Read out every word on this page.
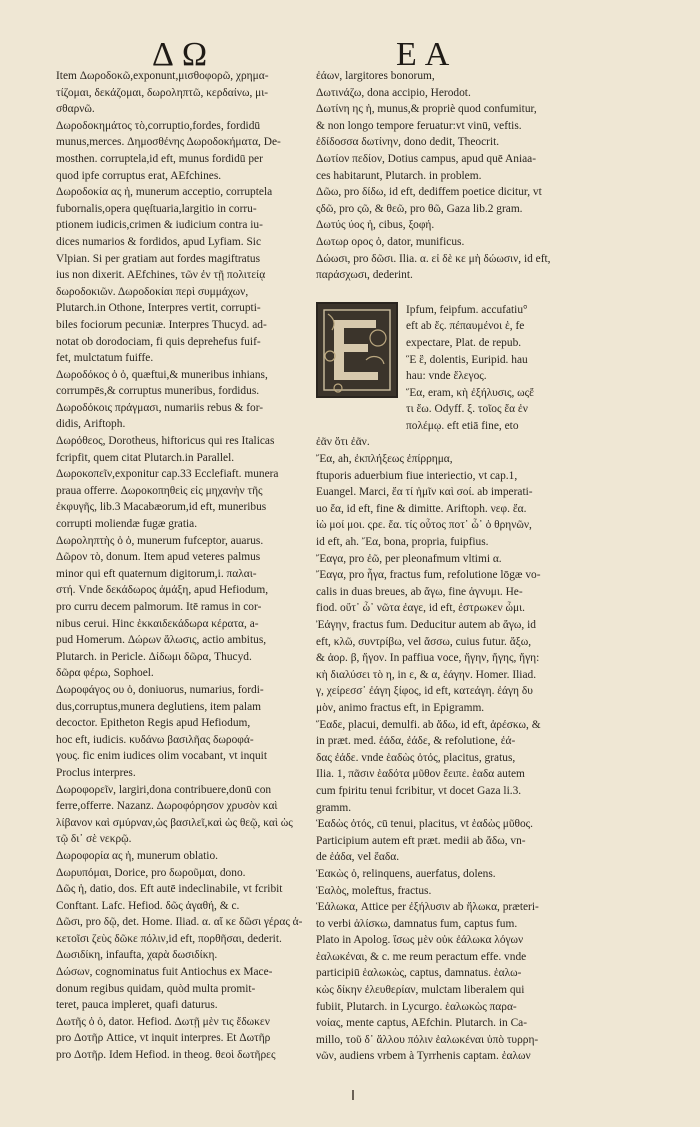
ΔΩ	EA
Item Δωροδοκῶ,exponunt,μισθοφορῶ, χρημα-
τίζομαι, δεκάζομαι, δωροληπτῶ, κερδαίνω, μι-
σθαρνῶ.
Δωροδοκημάτος τὸ,corruptio,fordes, fordidū
munus,merces. Δημοσθένης Δωροδοκήματα, De-
mosthen. corruptela,id eft, munus fordidū per
quod ipfe corruptus erat, AEfchines.
Δωροδοκία ας ἡ, munerum acceptio, corruptela
fubornalis,opera quęſtuaria,largitio in corru-
ptionem iudicis,crimen & iudicium contra iu-
dices numarios & fordidos, apud Lyfiam. Sic
Vlpian. Si per gratiam aut fordes magiftratus
ius non dixerit. AEfchines, τῶν ἐν τῇ πολιτείᾳ
δωροδοκιῶν. Δωροδοκίαι περὶ συμμάχων,
Plutarch.in Othone, Interpres vertit, corrupti-
biles fociorum pecuniæ. Interpres Thucyd. ad-
notat ob dorodociam, fi quis deprehefus fuif-
fet, mulctatum fuiffe.
Δωροδόκος ὁ ὁ, quæftui,& muneribus inhians,
corrumpēs,& corruptus muneribus, fordidus.
Δωροδόκοις πράγμασι, numariis rebus & for-
didis, Ariftoph.
Δωρόθεος, Dorotheus, hiftoricus qui res Italicas
fcripfit, quem citat Plutarch.in Parallel.
Δωροκοπεῖν,exponitur cap.33 Ecclefiaft. munera
praua offerre. Δωροκοπηθεὶς εἰς μηχανὴν τῆς
ἐκφυγῆς, lib.3 Macabæorum,id eft, muneribus
corrupti moliendæ fugæ gratia.
Δωροληπτὴς ὁ ὁ, munerum fufceptor, auarus.
Δῶρον τὸ, donum. Item apud veteres palmus
minor qui eft quaternum digitorum,i. παλαι-
στή. Vnde δεκάδωρος ἀμάξη, apud Hefiodum,
pro curru decem palmorum. Itē ramus in cor-
nibus cerui. Hinc ἑκκαιδεκάδωρα κέρατα, a-
pud Homerum. Δώρων ἅλωσις, actio ambitus,
Plutarch. in Pericle. Δίδωμι δῶρα, Thucyd.
δῶρα φέρω, Sophoel.
Δωροφάγος ου ὁ, doniuorus, numarius, fordi-
dus,corruptus,munera deglutiens, item palam
decoctor. Epitheton Regis apud Hefiodum,
hoc eft, iudicis. κυδάνω βασιλῆας δωροφά-
γους. fic enim iudices olim vocabant, vt inquit
Proclus interpres.
Δωροφορεῖν, largiri,dona contribuere,donū con
ferre,offerre. Nazanz. Δωροφόρησον χρυσὸν καὶ
λίβανον καὶ σμύρναν,ὡς βασιλεῖ,καὶ ὡς θεῷ, καὶ ὡς
τῷ δι᾽ σὲ νεκρῷ.
Δωροφορία ας ἡ, munerum oblatio.
Δωρυπόμαι, Dorice, pro δωροῦμαι, dono.
Δῶς ἡ, datio, dos. Eft autē indeclinabile, vt fcribit
Conftant. Lafc. Hefiod. δῶς ἀγαθή, & c.
Δῶσι, pro δῷ, det. Home. Iliad. α. αἴ κε δῶσι γέρας ἀ-
κετοῖσι ζεὺς δῶκε πόλιν,id eft, πορθῆσαι, dederit.
Δωσιδίκη, infaufta, χαρὰ δωσιδίκη.
Δώσων, cognominatus fuit Antiochus ex Mace-
donum regibus quidam, quòd multa promit-
teret, pauca impleret, quafi daturus.
Δωτῆς ὁ ὁ, dator. Hefiod. Δωτῇ μὲν τις ἔδωκεν
pro Δοτῆρ Attice, vt inquit interpres. Et Δωτῆρ
pro Δοτῆρ. Idem Hefiod. in theog. θεοὶ δωτῆρες
ἐάων, largitores bonorum,
Δωτινάζω, dona accipio, Herodot.
Δωτίνη ης ἡ, munus,& propriè quod confumitur,
& non longo tempore feruatur:vt vinū, veftis.
ἐδίδοσσα δωτίνην, dono dedit, Theocrit.
Δωτίον πεδίον, Dotius campus, apud quē Aniaa-
ces habitarunt, Plutarch. in problem.
Δῶω, pro δίδω, id eft, dediffem poetice dicitur, vt
ςδῶ, pro ςῶ, & θεῶ, pro θῶ, Gaza lib.2 gram.
Δωτύς ύος ἡ, cibus, ξοφή.
Δωτωρ ορος ὁ, dator, munificus.
Δώωσι, pro δῶσι. Ilia. α. εἰ δὲ κε μὴ δώωσιν, id eft,
παράσχωσι, dederint.
Ipfum, feipfum. accufatiu°
eft ab ἕς. πέπαυμένοι ἑ, fe
expectare, Plat. de repub.
Ἓ ἓ, dolentis, Euripid. hau
hau: vnde ἔλεγος.
Ἕα, eram, κὴ ἐξήλυσις, ωςἔ
τι ἕω. Odyff. ξ. τοῖος ἔα ἐν
πολέμῳ. eft etiā fine, eto
ἐᾶν ὅτι ἐᾶν.
Ἔα, ah, ἐκπλήξεως ἐπίρρημα,
ftuporis aduerbium fiue interiectio, vt cap.1,
Euangel. Marci, ἔα τί ἡμῖν καὶ σοί. ab imperati-
uo ἔα, id eft, fine & dimitte. Ariftoph. νεφ. ἔα.
ἰὼ μοί μοι. ςρε. ἔα. τίς οὗτος ποτ᾽ ὧ᾽ ὁ θρηνῶν,
id eft, ah. Ἔα, bona, propria, fuipfius.
Ἔαγα, pro ἐῶ, per pleonafmum vltimi α.
Ἔαγα, pro ἦγα, fractus fum, refolutione lōgæ vo-
calis in duas breues, ab ἄγω, fine ἀγνυμι. He-
fiod. οὔτ᾽ ὧ᾽ νῶτα ἐαγε, id eft, ἐστρωκεν ὦμι.
Ἐάγην, fractus fum. Deducitur autem ab ἄγω, id
eft, κλῶ, συντρίβω, vel ἄσσω, cuius futur. ἄξω,
& ἀορ. β, ἤγον. In paffiua voce, ἤγην, ἤγης, ἤγη:
κὴ διαλύσει τὸ η, in ε, & α, ἐάγην. Homer. Iliad.
γ, χείρεσσ᾽ ἐάγη ξίφος, id eft, κατεάγη. ἐάγη δυ
μὸν, animo fractus eft, in Epigramm.
Ἕαδε, placui, demulfi. ab ἄδω, id eft, ἀρέσκω, &
in præt. med. ἐάδα, ἐάδε, & refolutione, ἐά-
δας ἐάδε. vnde ἑαδὼς ὀτός, placitus, gratus,
Ilia. 1, πᾶσιν ἑαδότα μῦθον ἔειπε. ἑαδα autem
cum fpiritu tenui fcribitur, vt docet Gaza li.3.
gramm.
Ἑαδὼς ὀτός, cū tenui, placitus, vt ἑαδὼς μῦθος.
Participium autem eft præt. medii ab ἄδω, vn-
de ἑάδα, vel ἕαδα.
Ἑακὼς ὁ, relinquens, auerfatus, dolens.
Ἑαλὸς, moleftus, fractus.
Ἑάλωκα, Attice per ἐξήλυσιν ab ἥλωκα, præteri-
to verbi ἁλίσκω, damnatus fum, captus fum.
Plato in Apolog. ἴσως μὲν οὐκ ἐάλωκα λόγων
ἑαλωκέναι, & c. me reum peractum effe. vnde
participiū ἑαλωκὼς, captus, damnatus. ἑαλω-
κὼς δίκην ἐλευθερίαν, mulctam liberalem qui
fubiit, Plutarch. in Lycurgo. ἑαλωκὼς παρα-
νοίας, mente captus, AEfchin. Plutarch. in Ca-
millo, τοῦ δ᾽ ἄλλου πόλιν ἑαλωκέναι ὑπὸ τυρρη-
νῶν, audiens vrbem à Tyrrhenis captam. ἑαλων
